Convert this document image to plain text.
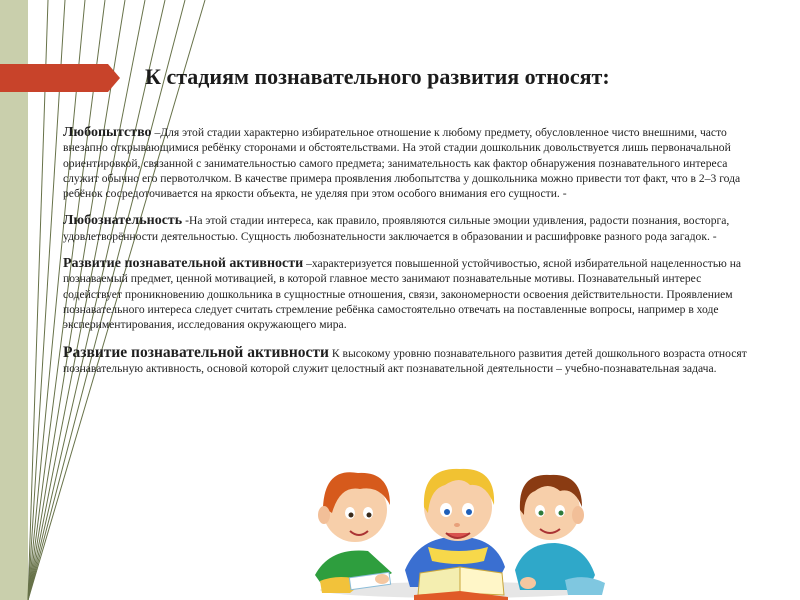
К стадиям познавательного развития относят:
Любопытство –Для этой стадии характерно избирательное отношение к любому предмету, обусловленное чисто внешними, часто внезапно открывающимися ребёнку сторонами и обстоятельствами. На этой стадии дошкольник довольствуется лишь первоначальной ориентировкой, связанной с занимательностью самого предмета; занимательность как фактор обнаружения познавательного интереса служит обычно его первотолчком. В качестве примера проявления любопытства у дошкольника можно привести тот факт, что в 2–3 года ребёнок сосредоточивается на яркости объекта, не уделяя при этом особого внимания его сущности. -
Любознательность -На этой стадии интереса, как правило, проявляются сильные эмоции удивления, радости познания, восторга, удовлетворённости деятельностью. Сущность любознательности заключается в образовании и расшифровке разного рода загадок. -
Развитие познавательной активности –характеризуется повышенной устойчивостью, ясной избирательной нацеленностью на познаваемый предмет, ценной мотивацией, в которой главное место занимают познавательные мотивы. Познавательный интерес содействует проникновению дошкольника в сущностные отношения, связи, закономерности освоения действительности. Проявлением познавательного интереса следует считать стремление ребёнка самостоятельно отвечать на поставленные вопросы, например в ходе экспериментирования, исследования окружающего мира.
Развитие познавательной активности К высокому уровню познавательного развития детей дошкольного возраста относят познавательную активность, основой которой служит целостный акт познавательной деятельности – учебно-познавательная задача.
